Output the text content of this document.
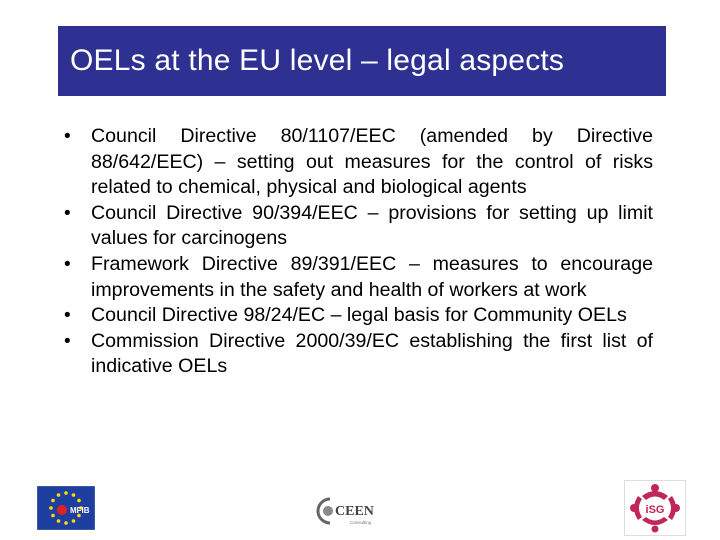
OELs at the EU level – legal aspects
• Council Directive 80/1107/EEC (amended by Directive 88/642/EEC) – setting out measures for the control of risks related to chemical, physical and biological agents
• Council Directive 90/394/EEC – provisions for setting up limit values for carcinogens
• Framework Directive 89/391/EEC – measures to encourage improvements in the safety and health of workers at work
• Council Directive 98/24/EC – legal basis for Community OELs
• Commission Directive 2000/39/EC establishing the first list of indicative OELs
MFIB	CEEN
Consulting
iSG
